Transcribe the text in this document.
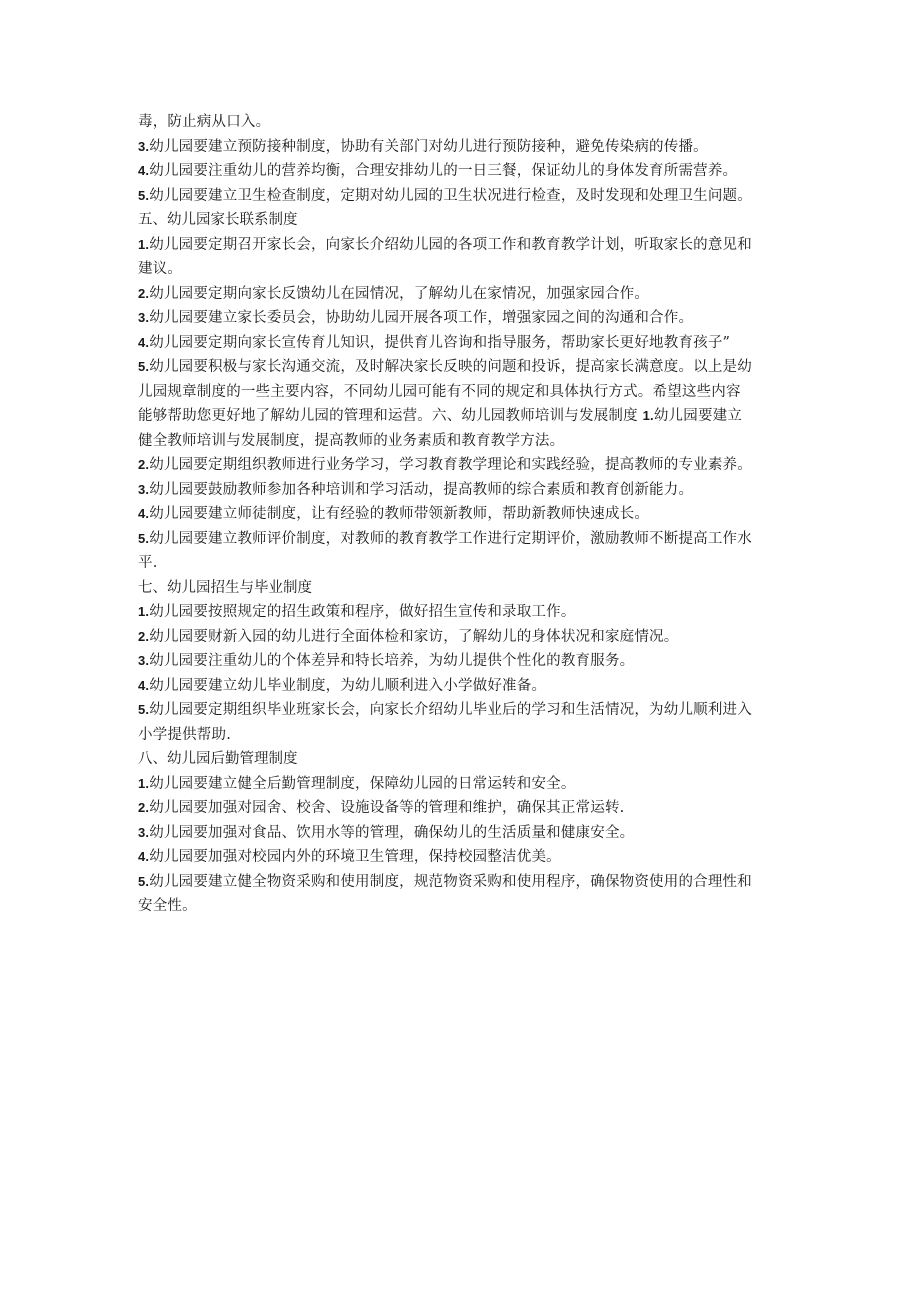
毒，防止病从口入。
3.幼儿园要建立预防接种制度，协助有关部门对幼儿进行预防接种，避免传染病的传播。
4.幼儿园要注重幼儿的营养均衡，合理安排幼儿的一日三餐，保证幼儿的身体发育所需营养。
5.幼儿园要建立卫生检查制度，定期对幼儿园的卫生状况进行检查，及时发现和处理卫生问题。
五、幼儿园家长联系制度
1.幼儿园要定期召开家长会，向家长介绍幼儿园的各项工作和教育教学计划，听取家长的意见和
建议。
2.幼儿园要定期向家长反馈幼儿在园情况，了解幼儿在家情况，加强家园合作。
3.幼儿园要建立家长委员会，协助幼儿园开展各项工作，增强家园之间的沟通和合作。
4.幼儿园要定期向家长宣传育儿知识，提供育儿咨询和指导服务，帮助家长更好地教育孩子”
5.幼儿园要积极与家长沟通交流，及时解决家长反映的问题和投诉，提高家长满意度。以上是幼
儿园规章制度的一些主要内容，不同幼儿园可能有不同的规定和具体执行方式。希望这些内容
能够帮助您更好地了解幼儿园的管理和运营。六、幼儿园教师培训与发展制度 1.幼儿园要建立
健全教师培训与发展制度，提高教师的业务素质和教育教学方法。
2.幼儿园要定期组织教师进行业务学习，学习教育教学理论和实践经验，提高教师的专业素养。
3.幼儿园要鼓励教师参加各种培训和学习活动，提高教师的综合素质和教育创新能力。
4.幼儿园要建立师徒制度，让有经验的教师带领新教师，帮助新教师快速成长。
5.幼儿园要建立教师评价制度，对教师的教育教学工作进行定期评价，激励教师不断提高工作水
平.
七、幼儿园招生与毕业制度
1.幼儿园要按照规定的招生政策和程序，做好招生宣传和录取工作。
2.幼儿园要财新入园的幼儿进行全面体检和家访，了解幼儿的身体状况和家庭情况。
3.幼儿园要注重幼儿的个体差异和特长培养，为幼儿提供个性化的教育服务。
4.幼儿园要建立幼儿毕业制度，为幼儿顺利进入小学做好准备。
5.幼儿园要定期组织毕业班家长会，向家长介绍幼儿毕业后的学习和生活情况，为幼儿顺利进入
小学提供帮助.
八、幼儿园后勤管理制度
1.幼儿园要建立健全后勤管理制度，保障幼儿园的日常运转和安全。
2.幼儿园要加强对园舍、校舍、设施设备等的管理和维护，确保其正常运转.
3.幼儿园要加强对食品、饮用水等的管理，确保幼儿的生活质量和健康安全。
4.幼儿园要加强对校园内外的环境卫生管理，保持校园整洁优美。
5.幼儿园要建立健全物资采购和使用制度，规范物资采购和使用程序，确保物资使用的合理性和
安全性。
